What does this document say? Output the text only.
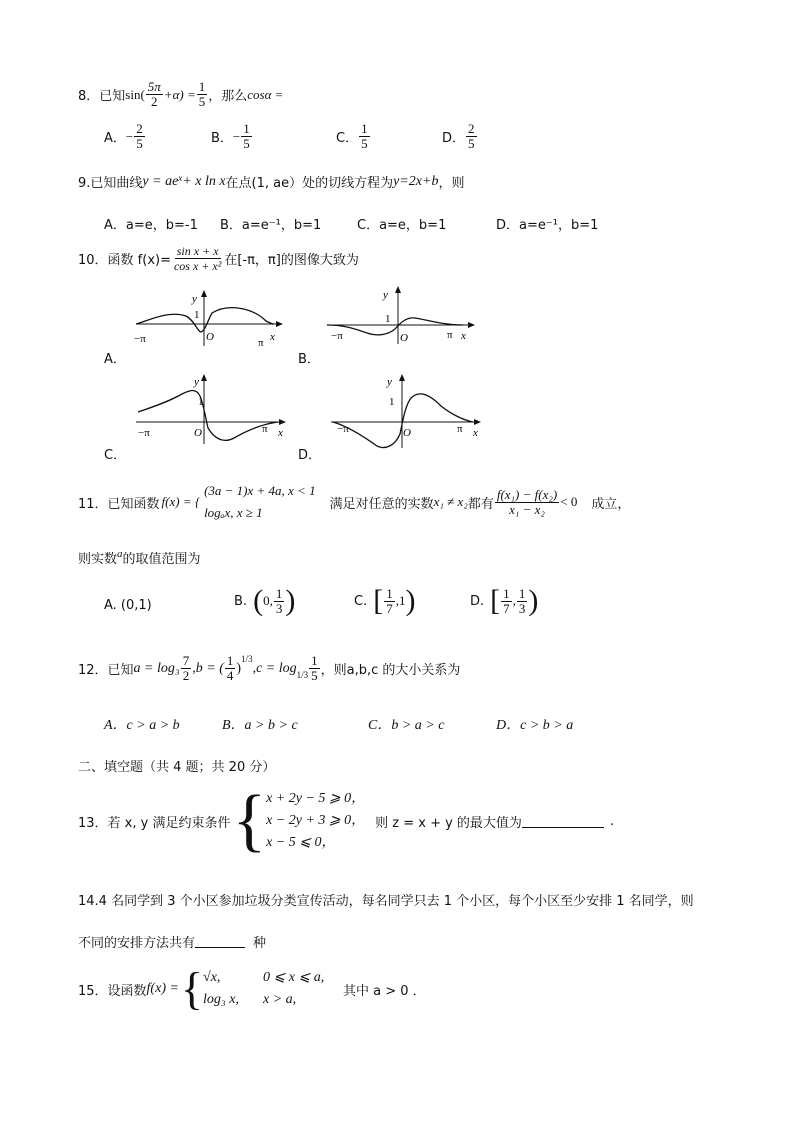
8．已知 $\sin( \frac{5\pi}{2} +\alpha) = \frac{1}{5}$ ，那么 cosα =
A． − $\frac{2}{5}$	B． − $\frac{1}{5}$	C． $\frac{1}{5}$	D． $\frac{2}{5}$
9.已知曲线 $y = ae^x + x$ ln x 在点(1, ae）处的切线方程为 y=2x+b ，则
A．a=e，b=-1 B．a=e⁻¹，b=1	C．a=e，b=1	D．a=e⁻¹，b=1
10．函数 $f(x)= \frac{\text{sin x + x}}{\text{cos x + x²}}$ 在[-π，π]的图像大致为
A．
y
1
O
−π	π x
B．
y
1
O
−π	π x
C．
y
1
O
−π	π x
D．
y
1
O
−π	π x
11．已知函数 f(x) = {
(3a − 1)x + 4a, x < 1
logₐx, x ≥ 1
满足对任意的实数 x₁ ≠ x₂ 都有 $\frac{\text{f(x₁) − f(x₂)}}{\text{x₁ − x₂}} < 0$ 成立，
则实数 a 的取值范围为
A. (0,1)	B. ( 0, $\frac{1}{3}$ )	C. [ $\frac{1}{7} ,1$ )	D. [ $\frac{1}{7}$ , $\frac{1}{3}$ )
12．已知 $a = \log_3 \frac{7}{2} ,b$ = ( $\frac{1}{4}$ )
$^{1/3}$
$,c = \log_{1/3} \frac{1}{5}$ ，则a,b,c 的大小关系为
A．c > a > b	B．a > b > c	C．b > a > c	D．c > b > a
二、填空题（共 4 题；共 20 分）
13．若 x, y 满足约束条件 { x + 2y − 5 ⩾ 0，
x − 2y + 3 ⩾ 0，
x − 5 ⩽ 0，
则 z = x + y 的最大值为	.
14.4 名同学到 3 个小区参加垃圾分类宣传活动，每名同学只去 1 个小区，每个小区至少安排 1 名同学，则
不同的安排方法共有	种
15．设函数 f(x) = { √x,	0 ⩽ x ⩽ a,
log₃ x,	x > a,
其中 a > 0 ．
